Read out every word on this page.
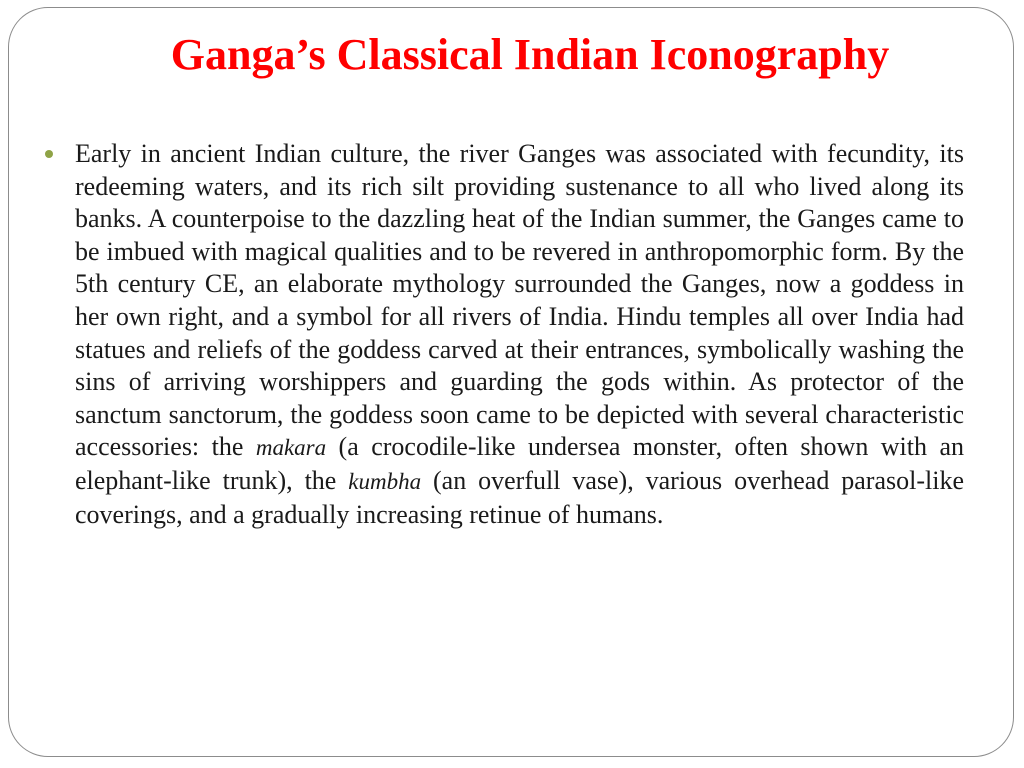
Ganga’s Classical Indian Iconography

Early in ancient Indian culture, the river Ganges was associated with fecundity, its redeeming waters, and its rich silt providing sustenance to all who lived along its banks. A counterpoise to the dazzling heat of the Indian summer, the Ganges came to be imbued with magical qualities and to be revered in anthropomorphic form. By the 5th century CE, an elaborate mythology surrounded the Ganges, now a goddess in her own right, and a symbol for all rivers of India. Hindu temples all over India had statues and reliefs of the goddess carved at their entrances, symbolically washing the sins of arriving worshippers and guarding the gods within. As protector of the sanctum sanctorum, the goddess soon came to be depicted with several characteristic accessories: the makara (a crocodile-like undersea monster, often shown with an elephant-like trunk), the kumbha (an overfull vase), various overhead parasol-like coverings, and a gradually increasing retinue of humans.
